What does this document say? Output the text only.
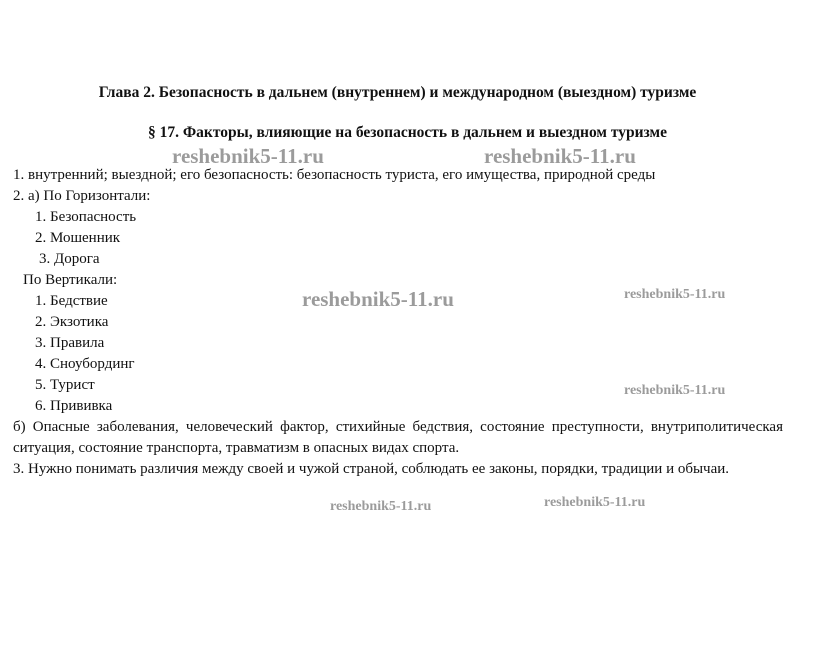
Глава 2. Безопасность в дальнем (внутреннем) и международном (выездном) туризме
§ 17. Факторы, влияющие на безопасность в дальнем и выездном туризме
1. внутренний; выездной; его безопасность: безопасность туриста, его имущества, природной среды
2. а) По Горизонтали:
1. Безопасность
2. Мошенник
3. Дорога
По Вертикали:
1. Бедствие
2. Экзотика
3. Правила
4. Сноубординг
5. Турист
6. Прививка
б) Опасные заболевания, человеческий фактор, стихийные бедствия, состояние преступности, внутриполитическая ситуация, состояние транспорта, травматизм в опасных видах спорта.
3. Нужно понимать различия между своей и чужой страной, соблюдать ее законы, порядки, традиции и обычаи.
reshebnik5-11.ru	reshebnik5-11.ru
reshebnik5-11.ru	reshebnik5-11.ru
reshebnik5-11.ru
reshebnik5-11.ru	reshebnik5-11.ru
